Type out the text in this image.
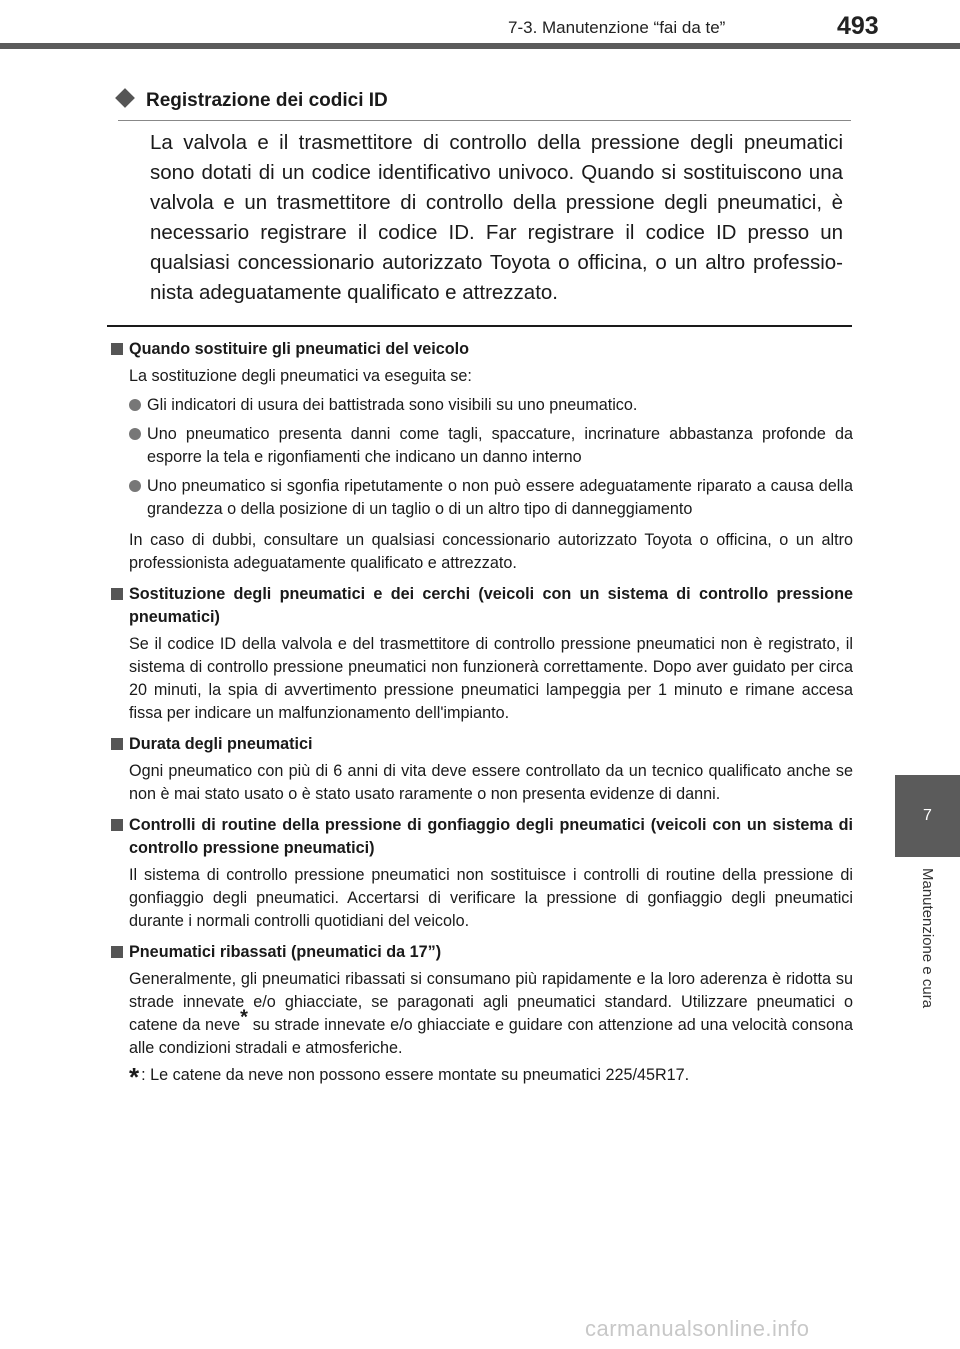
7-3. Manutenzione “fai da te”	493
7
Manutenzione e cura
Registrazione dei codici ID

La valvola e il trasmettitore di controllo della pressione degli pneumatici sono dotati di un codice identificativo univoco. Quando si sostituiscono una valvola e un trasmettitore di controllo della pressione degli pneumatici, è necessario registrare il codice ID. Far registrare il codice ID presso un qualsiasi concessionario autorizzato Toyota o officina, o un altro professionista adeguatamente qualificato e attrezzato.

Quando sostituire gli pneumatici del veicolo

La sostituzione degli pneumatici va eseguita se:

Gli indicatori di usura dei battistrada sono visibili su uno pneumatico.
Uno pneumatico presenta danni come tagli, spaccature, incrinature abbastanza profonde da esporre la tela e rigonfiamenti che indicano un danno interno
Uno pneumatico si sgonfia ripetutamente o non può essere adeguatamente riparato a causa della grandezza o della posizione di un taglio o di un altro tipo di danneggiamento

In caso di dubbi, consultare un qualsiasi concessionario autorizzato Toyota o officina, o un altro professionista adeguatamente qualificato e attrezzato.

Sostituzione degli pneumatici e dei cerchi (veicoli con un sistema di controllo pressione pneumatici)

Se il codice ID della valvola e del trasmettitore di controllo pressione pneumatici non è registrato, il sistema di controllo pressione pneumatici non funzionerà correttamente. Dopo aver guidato per circa 20 minuti, la spia di avvertimento pressione pneumatici lampeggia per 1 minuto e rimane accesa fissa per indicare un malfunzionamento dell'impianto.

Durata degli pneumatici

Ogni pneumatico con più di 6 anni di vita deve essere controllato da un tecnico qualificato anche se non è mai stato usato o è stato usato raramente o non presenta evidenze di danni.

Controlli di routine della pressione di gonfiaggio degli pneumatici (veicoli con un sistema di controllo pressione pneumatici)

Il sistema di controllo pressione pneumatici non sostituisce i controlli di routine della pressione di gonfiaggio degli pneumatici. Accertarsi di verificare la pressione di gonfiaggio degli pneumatici durante i normali controlli quotidiani del veicolo.

Pneumatici ribassati (pneumatici da 17”)

Generalmente, gli pneumatici ribassati si consumano più rapidamente e la loro aderenza è ridotta su strade innevate e/o ghiacciate, se paragonati agli pneumatici standard. Utilizzare pneumatici o catene da neve* su strade innevate e/o ghiacciate e guidare con attenzione ad una velocità consona alle condizioni stradali e atmosferiche.

* : Le catene da neve non possono essere montate su pneumatici 225/45R17.

carmanualsonline.info
